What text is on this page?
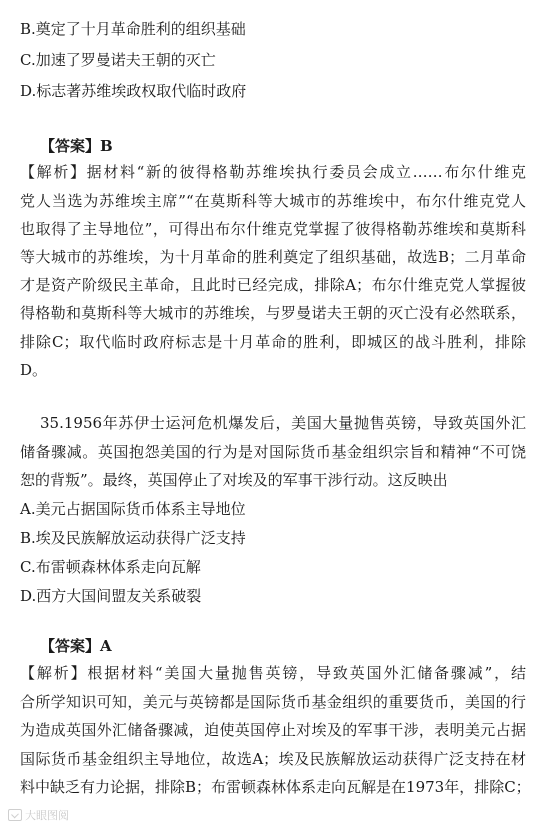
B.奠定了十月革命胜利的组织基础
C.加速了罗曼诺夫王朝的灭亡
D.标志著苏维埃政权取代临时政府
【答案】B
【解析】据材料“新的彼得格勒苏维埃执行委员会成立……布尔什维克
党人当选为苏维埃主席”“在莫斯科等大城市的苏维埃中，布尔什维克党人
也取得了主导地位”，可得出布尔什维克党掌握了彼得格勒苏维埃和莫斯科
等大城市的苏维埃，为十月革命的胜利奠定了组织基础，故选B；二月革命
才是资产阶级民主革命，且此时已经完成，排除A；布尔什维克党人掌握彼
得格勒和莫斯科等大城市的苏维埃，与罗曼诺夫王朝的灭亡没有必然联系，
排除C；取代临时政府标志是十月革命的胜利，即城区的战斗胜利，排除
D。
35.1956年苏伊士运河危机爆发后，美国大量抛售英镑，导致英国外汇
储备骤减。英国抱怨美国的行为是对国际货币基金组织宗旨和精神“不可饶
恕的背叛”。最终，英国停止了对埃及的军事干涉行动。这反映出
A.美元占据国际货币体系主导地位
B.埃及民族解放运动获得广泛支持
C.布雷顿森林体系走向瓦解
D.西方大国间盟友关系破裂
【答案】A
【解析】根据材料“美国大量抛售英镑，导致英国外汇储备骤减”，结
合所学知识可知，美元与英镑都是国际货币基金组织的重要货币，美国的行
为造成英国外汇储备骤减，迫使英国停止对埃及的军事干涉，表明美元占据
国际货币基金组织主导地位，故选A；埃及民族解放运动获得广泛支持在材
料中缺乏有力论据，排除B；布雷顿森林体系走向瓦解是在1973年，排除C；
大眼图阅
